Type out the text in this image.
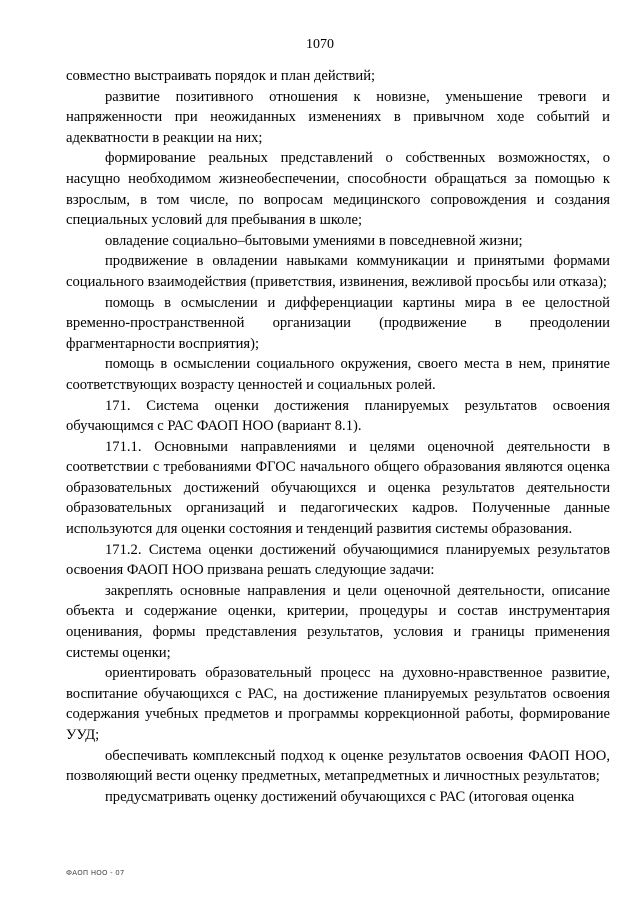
1070

совместно выстраивать порядок и план действий;

развитие позитивного отношения к новизне, уменьшение тревоги и напряженности при неожиданных изменениях в привычном ходе событий и адекватности в реакции на них;

формирование реальных представлений о собственных возможностях, о насущно необходимом жизнеобеспечении, способности обращаться за помощью к взрослым, в том числе, по вопросам медицинского сопровождения и создания специальных условий для пребывания в школе;

овладение социально–бытовыми умениями в повседневной жизни;

продвижение в овладении навыками коммуникации и принятыми формами социального взаимодействия (приветствия, извинения, вежливой просьбы или отказа);

помощь в осмыслении и дифференциации картины мира в ее целостной временно-пространственной организации (продвижение в преодолении фрагментарности восприятия);

помощь в осмыслении социального окружения, своего места в нем, принятие соответствующих возрасту ценностей и социальных ролей.

171. Система оценки достижения планируемых результатов освоения обучающимся с РАС ФАОП НОО (вариант 8.1).

171.1. Основными направлениями и целями оценочной деятельности в соответствии с требованиями ФГОС начального общего образования являются оценка образовательных достижений обучающихся и оценка результатов деятельности образовательных организаций и педагогических кадров. Полученные данные используются для оценки состояния и тенденций развития системы образования.

171.2. Система оценки достижений обучающимися планируемых результатов освоения ФАОП НОО призвана решать следующие задачи:

закреплять основные направления и цели оценочной деятельности, описание объекта и содержание оценки, критерии, процедуры и состав инструментария оценивания, формы представления результатов, условия и границы применения системы оценки;

ориентировать образовательный процесс на духовно-нравственное развитие, воспитание обучающихся с РАС, на достижение планируемых результатов освоения содержания учебных предметов и программы коррекционной работы, формирование УУД;

обеспечивать комплексный подход к оценке результатов освоения ФАОП НОО, позволяющий вести оценку предметных, метапредметных и личностных результатов;

предусматривать оценку достижений обучающихся с РАС (итоговая оценка

ФАОП НОО - 07
